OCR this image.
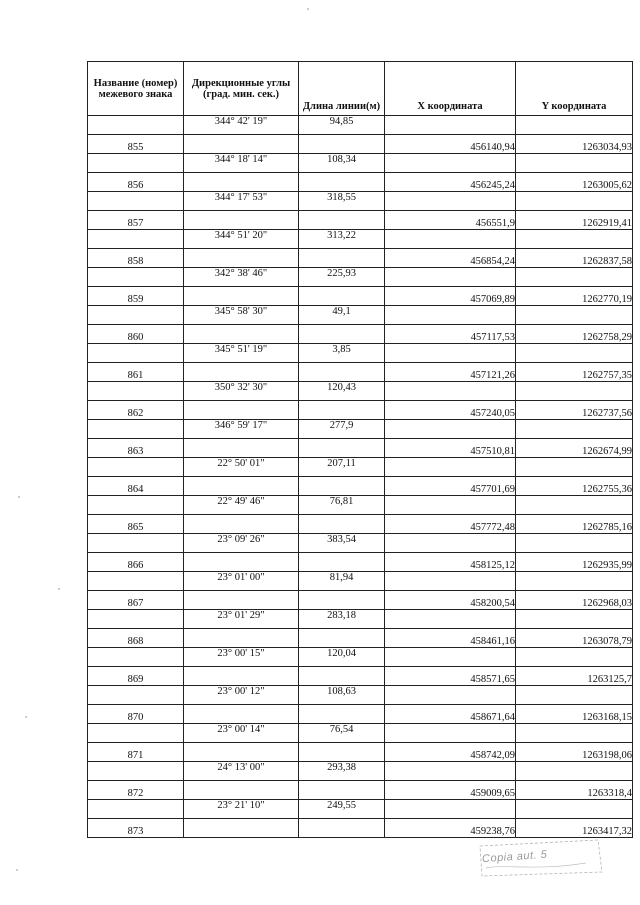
Название (номер) межевого знака	Дирекционные углы (град. мин. сек.)	Длина линии(м)	X координата	Y координата
	344° 42' 19"	94,85		
855			456140,94	1263034,93
	344° 18' 14"	108,34		
856			456245,24	1263005,62
	344° 17' 53"	318,55		
857			456551,9	1262919,41
	344° 51' 20"	313,22		
858			456854,24	1262837,58
	342° 38' 46"	225,93		
859			457069,89	1262770,19
	345° 58' 30"	49,1		
860			457117,53	1262758,29
	345° 51' 19"	3,85		
861			457121,26	1262757,35
	350° 32' 30"	120,43		
862			457240,05	1262737,56
	346° 59' 17"	277,9		
863			457510,81	1262674,99
	22° 50' 01"	207,11		
864			457701,69	1262755,36
	22° 49' 46"	76,81		
865			457772,48	1262785,16
	23° 09' 26"	383,54		
866			458125,12	1262935,99
	23° 01' 00"	81,94		
867			458200,54	1262968,03
	23° 01' 29"	283,18		
868			458461,16	1263078,79
	23° 00' 15"	120,04		
869			458571,65	1263125,7
	23° 00' 12"	108,63		
870			458671,64	1263168,15
	23° 00' 14"	76,54		
871			458742,09	1263198,06
	24° 13' 00"	293,38		
872			459009,65	1263318,4
	23° 21' 10"	249,55		
873			459238,76	1263417,32
Copia aut. 5
